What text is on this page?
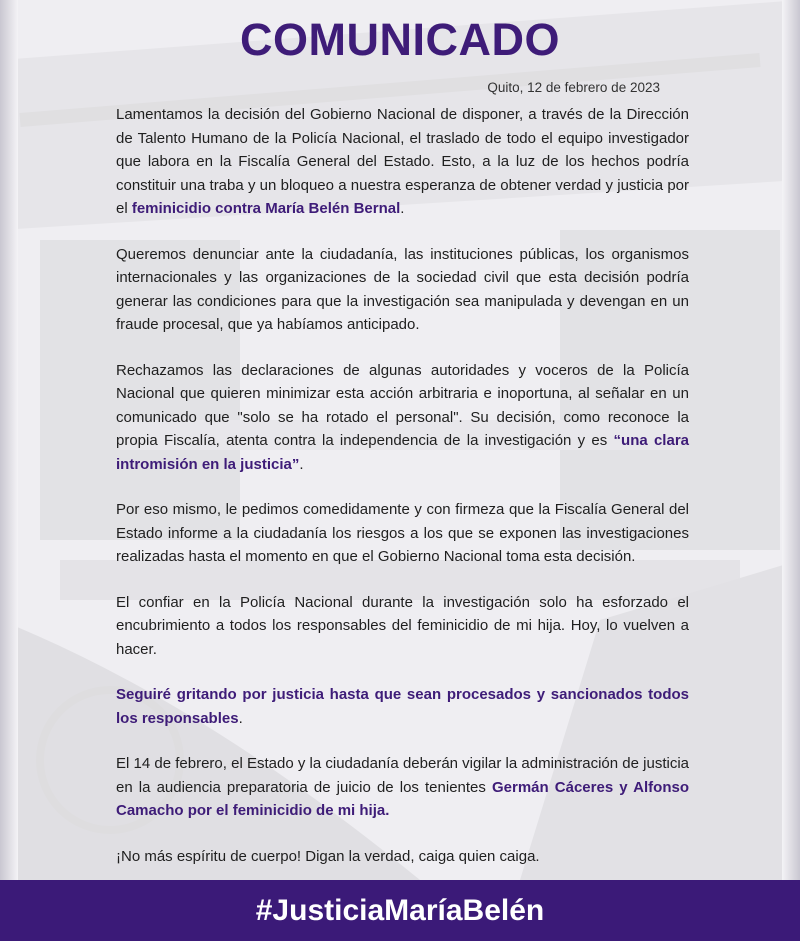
COMUNICADO
Quito, 12 de febrero de 2023

Lamentamos la decisión del Gobierno Nacional de disponer, a través de la Dirección de Talento Humano de la Policía Nacional, el traslado de todo el equipo investigador que labora en la Fiscalía General del Estado. Esto, a la luz de los hechos podría constituir una traba y un bloqueo a nuestra esperanza de obtener verdad y justicia por el feminicidio contra María Belén Bernal.

Queremos denunciar ante la ciudadanía, las instituciones públicas, los organismos internacionales y las organizaciones de la sociedad civil que esta decisión podría generar las condiciones para que la investigación sea manipulada y devengan en un fraude procesal, que ya habíamos anticipado.

Rechazamos las declaraciones de algunas autoridades y voceros de la Policía Nacional que quieren minimizar esta acción arbitraria e inoportuna, al señalar en un comunicado que "solo se ha rotado el personal". Su decisión, como reconoce la propia Fiscalía, atenta contra la independencia de la investigación y es “una clara intromisión en la justicia”.

Por eso mismo, le pedimos comedidamente y con firmeza que la Fiscalía General del Estado informe a la ciudadanía los riesgos a los que se exponen las investigaciones realizadas hasta el momento en que el Gobierno Nacional toma esta decisión.

El confiar en la Policía Nacional durante la investigación solo ha esforzado el encubrimiento a todos los responsables del feminicidio de mi hija. Hoy, lo vuelven a hacer.

Seguiré gritando por justicia hasta que sean procesados y sancionados todos los responsables.

El 14 de febrero, el Estado y la ciudadanía deberán vigilar la administración de justicia en la audiencia preparatoria de juicio de los tenientes Germán Cáceres y Alfonso Camacho por el feminicidio de mi hija.

¡No más espíritu de cuerpo! Digan la verdad, caiga quien caiga.

#JusticiaMaríaBelén
